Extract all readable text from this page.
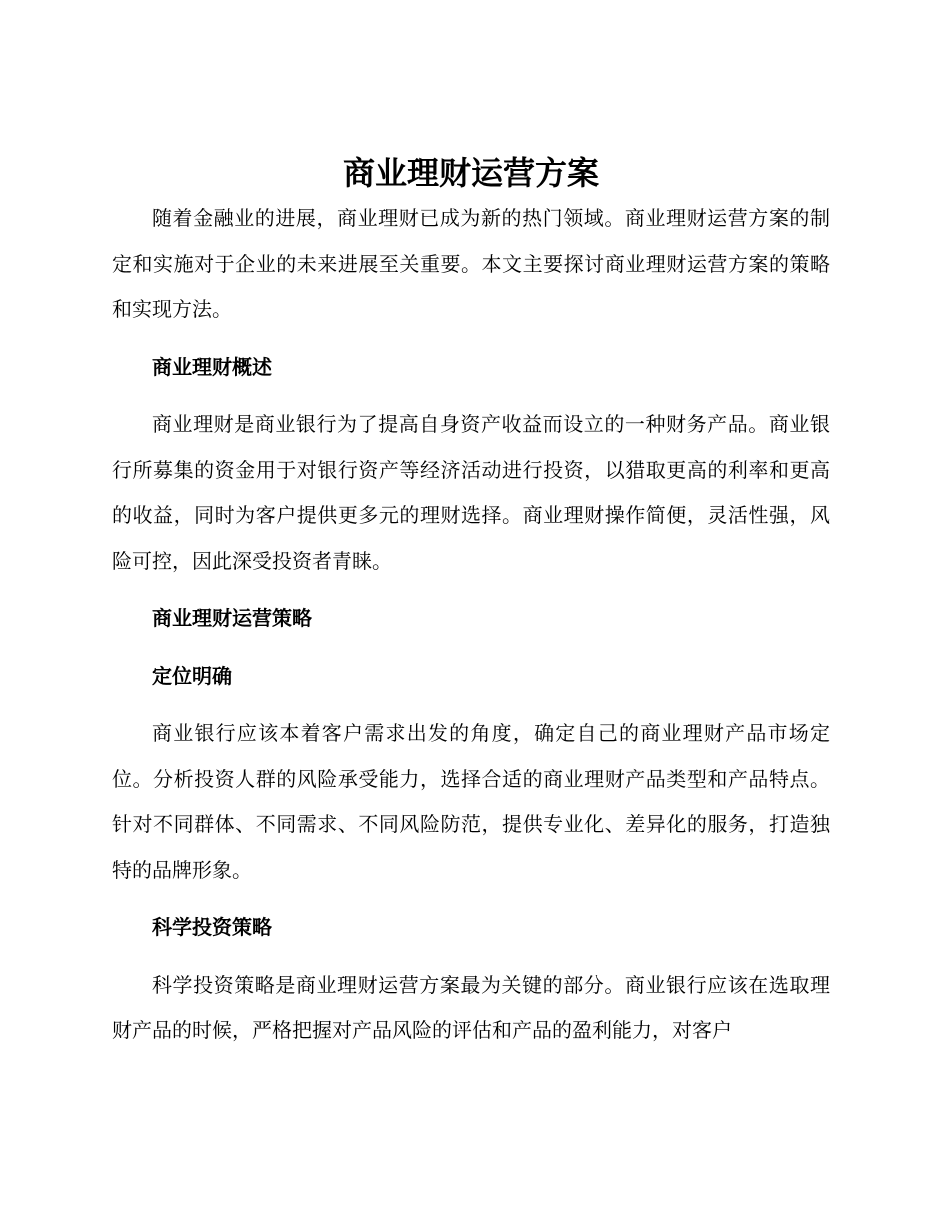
商业理财运营方案

随着金融业的进展，商业理财已成为新的热门领域。商业理财运营方案的制定和实施对于企业的未来进展至关重要。本文主要探讨商业理财运营方案的策略和实现方法。

商业理财概述

商业理财是商业银行为了提高自身资产收益而设立的一种财务产品。商业银行所募集的资金用于对银行资产等经济活动进行投资，以猎取更高的利率和更高的收益，同时为客户提供更多元的理财选择。商业理财操作简便，灵活性强，风险可控，因此深受投资者青睐。

商业理财运营策略

定位明确

商业银行应该本着客户需求出发的角度，确定自己的商业理财产品市场定位。分析投资人群的风险承受能力，选择合适的商业理财产品类型和产品特点。针对不同群体、不同需求、不同风险防范，提供专业化、差异化的服务，打造独特的品牌形象。

科学投资策略

科学投资策略是商业理财运营方案最为关键的部分。商业银行应该在选取理财产品的时候，严格把握对产品风险的评估和产品的盈利能力，对客户
